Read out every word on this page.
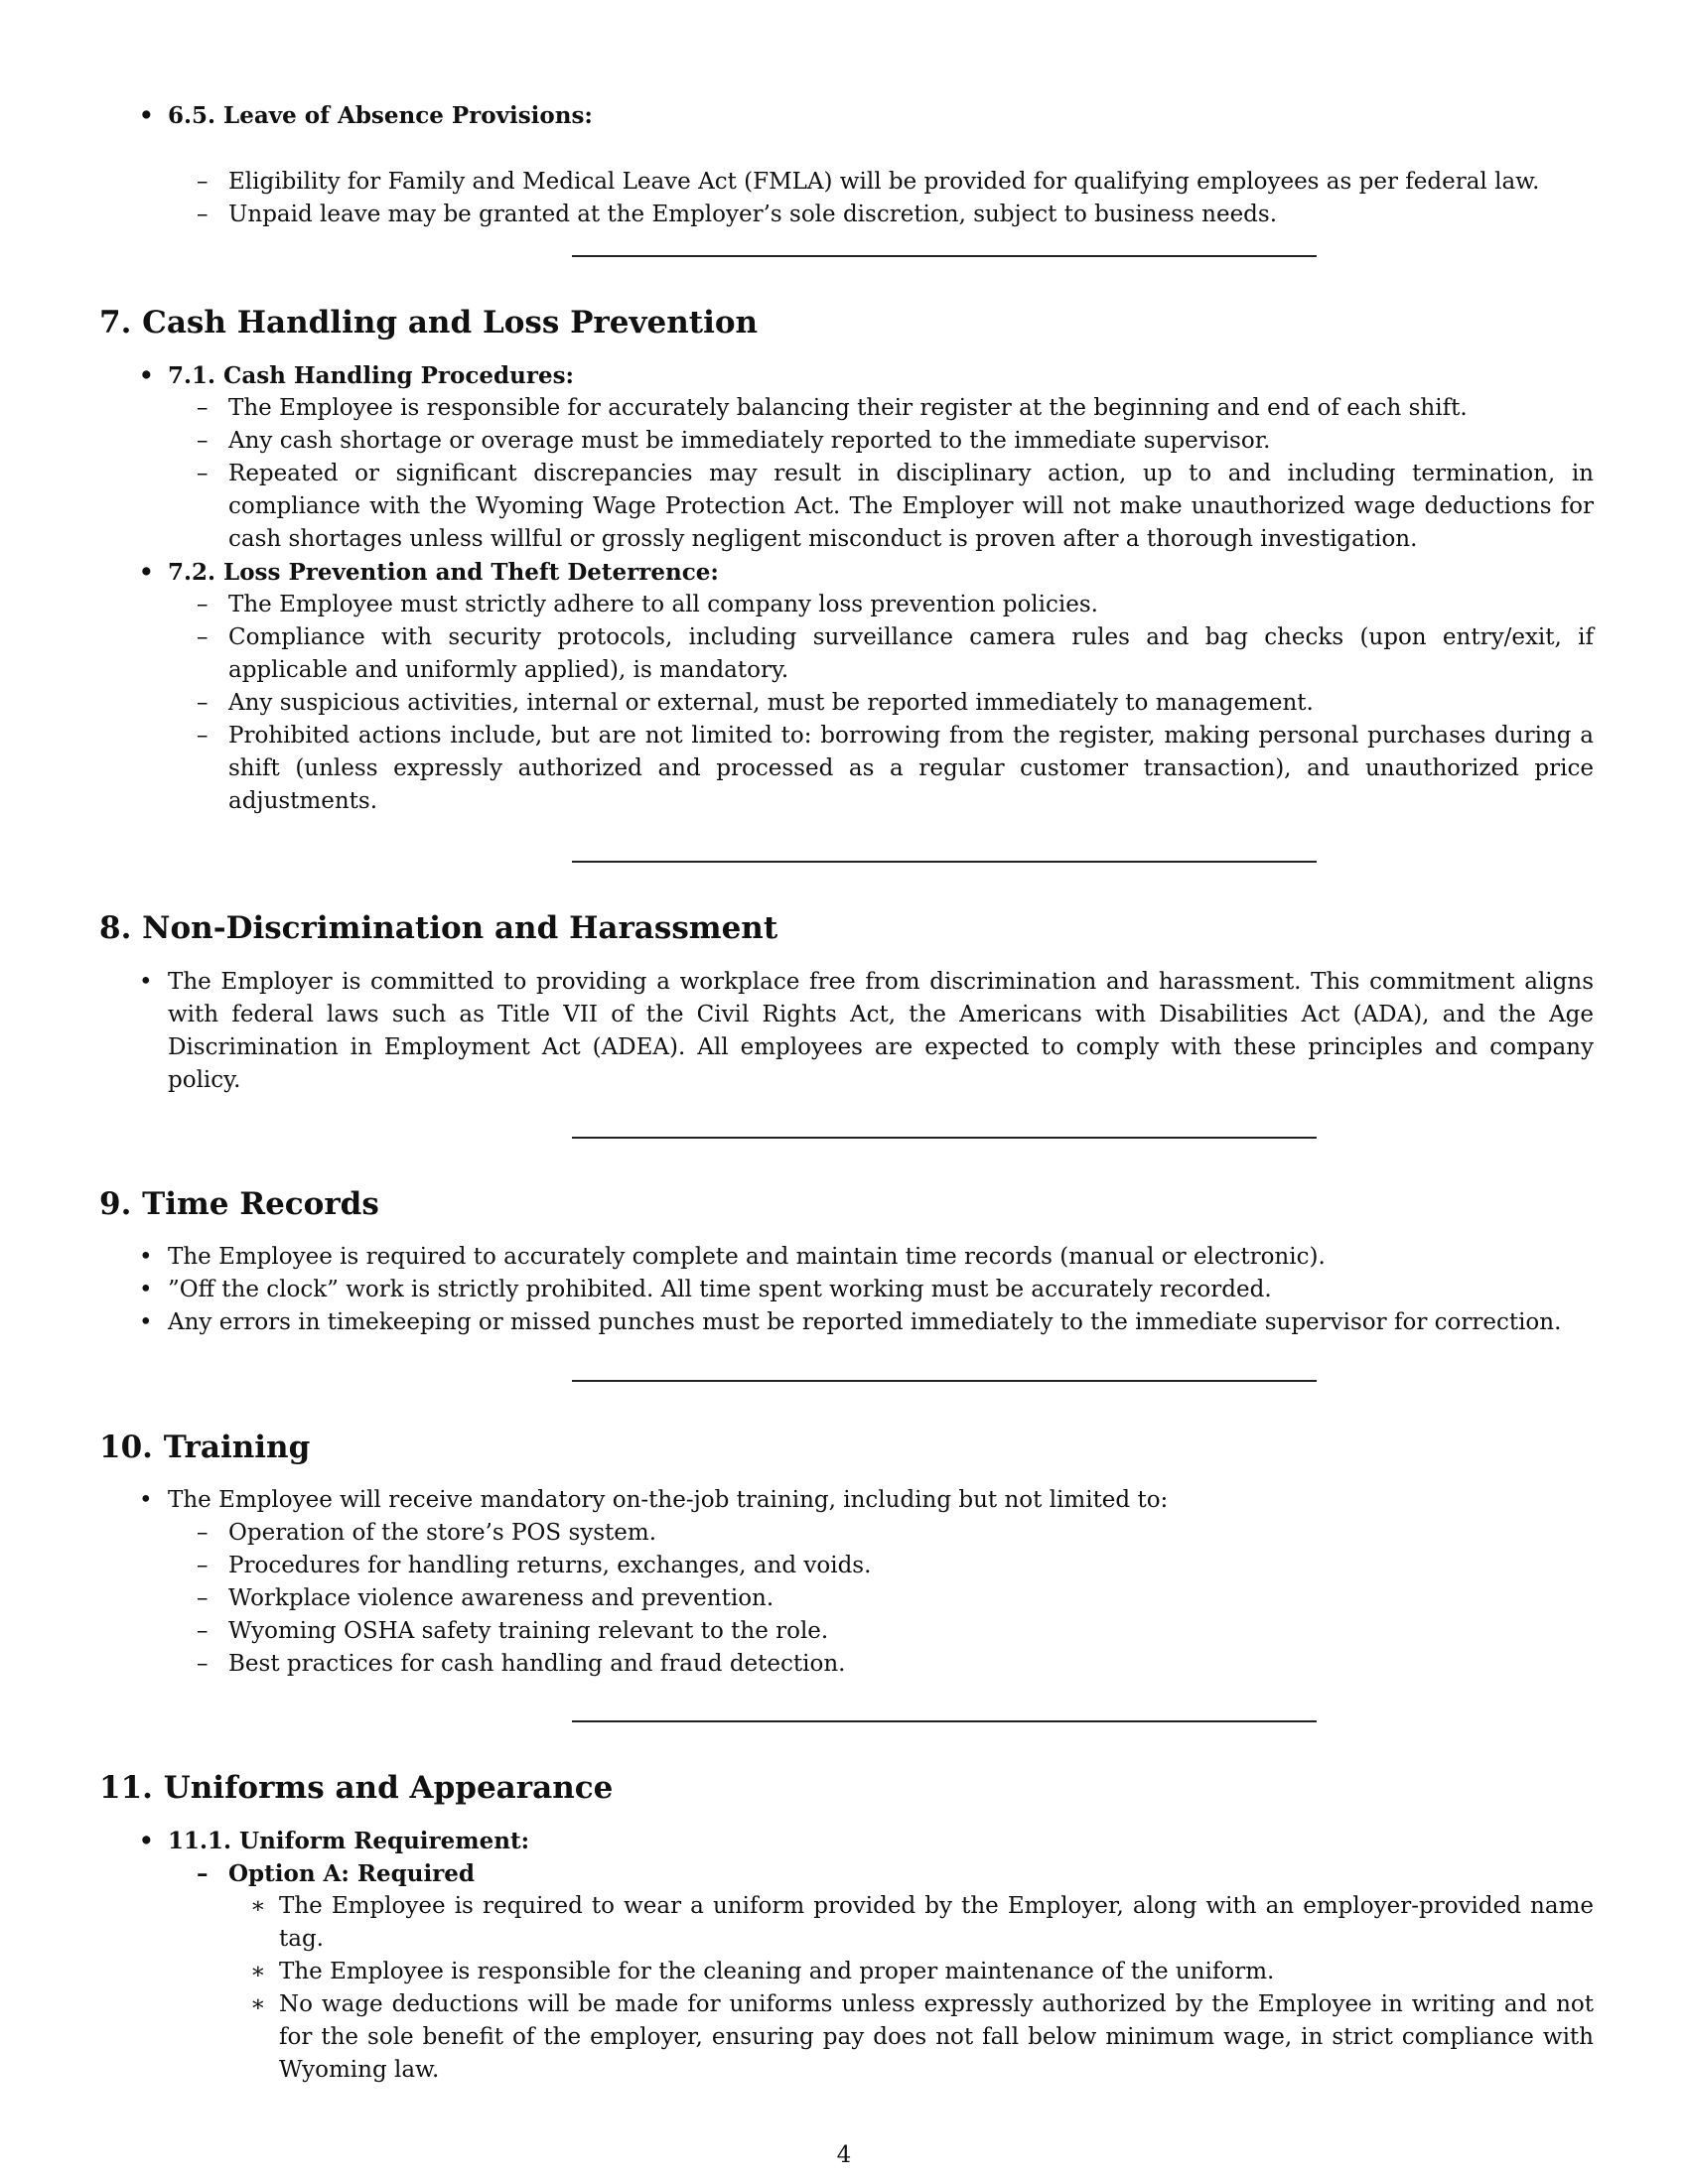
• 6.5. Leave of Absence Provisions:
– Eligibility for Family and Medical Leave Act (FMLA) will be provided for qualifying employees as per federal law.
– Unpaid leave may be granted at the Employer’s sole discretion, subject to business needs.
7. Cash Handling and Loss Prevention
• 7.1. Cash Handling Procedures:
– The Employee is responsible for accurately balancing their register at the beginning and end of each shift.
– Any cash shortage or overage must be immediately reported to the immediate supervisor.
– Repeated or significant discrepancies may result in disciplinary action, up to and including termination, in compliance with the Wyoming Wage Protection Act. The Employer will not make unauthorized wage deductions for cash shortages unless willful or grossly negligent misconduct is proven after a thorough investigation.
• 7.2. Loss Prevention and Theft Deterrence:
– The Employee must strictly adhere to all company loss prevention policies.
– Compliance with security protocols, including surveillance camera rules and bag checks (upon entry/exit, if applicable and uniformly applied), is mandatory.
– Any suspicious activities, internal or external, must be reported immediately to management.
– Prohibited actions include, but are not limited to: borrowing from the register, making personal purchases during a shift (unless expressly authorized and processed as a regular customer transaction), and unauthorized price adjustments.
8. Non-Discrimination and Harassment
• The Employer is committed to providing a workplace free from discrimination and harassment. This commitment aligns with federal laws such as Title VII of the Civil Rights Act, the Americans with Disabilities Act (ADA), and the Age Discrimination in Employment Act (ADEA). All employees are expected to comply with these principles and company policy.
9. Time Records
• The Employee is required to accurately complete and maintain time records (manual or electronic).
• ”Off the clock” work is strictly prohibited. All time spent working must be accurately recorded.
• Any errors in timekeeping or missed punches must be reported immediately to the immediate supervisor for correction.
10. Training
• The Employee will receive mandatory on-the-job training, including but not limited to:
– Operation of the store’s POS system.
– Procedures for handling returns, exchanges, and voids.
– Workplace violence awareness and prevention.
– Wyoming OSHA safety training relevant to the role.
– Best practices for cash handling and fraud detection.
11. Uniforms and Appearance
• 11.1. Uniform Requirement:
– Option A: Required
∗ The Employee is required to wear a uniform provided by the Employer, along with an employer-provided name tag.
∗ The Employee is responsible for the cleaning and proper maintenance of the uniform.
∗ No wage deductions will be made for uniforms unless expressly authorized by the Employee in writing and not for the sole benefit of the employer, ensuring pay does not fall below minimum wage, in strict compliance with Wyoming law.
4
